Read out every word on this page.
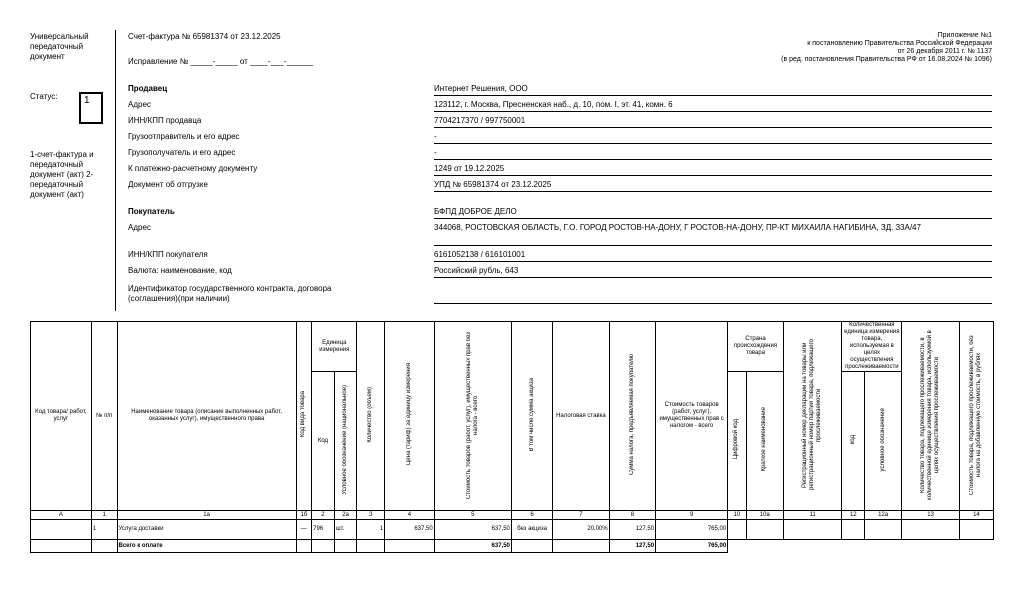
Универсальный передаточный документ
Статус:	1
1-счет-фактура и передаточный документ (акт) 2-передаточный документ (акт)
Счет-фактура № 65981374 от 23.12.2025
Исправление № _____-_____ от ____-___-______
Приложение №1
к постановлению Правительства Российской Федерации
от 26 декабря 2011 г. № 1137
(в ред. постановления Правительства РФ от 16.08.2024 № 1096)
Продавец	Интернет Решения, ООО
Адрес	123112, г. Москва, Пресненская наб., д. 10, пом. I, эт. 41, комн. 6
ИНН/КПП продавца	7704217370 / 997750001
Грузоотправитель и его адрес	-
Грузополучатель и его адрес	-
К платежно-расчетному документу	1249 от 19.12.2025
Документ об отгрузке	УПД № 65981374 от 23.12.2025
Покупатель	БФПД ДОБРОЕ ДЕЛО
Адрес	344068, РОСТОВСКАЯ ОБЛАСТЬ, Г.О. ГОРОД РОСТОВ-НА-ДОНУ, Г РОСТОВ-НА-ДОНУ, ПР-КТ МИХАИЛА НАГИБИНА, ЗД. 33А/47
ИНН/КПП покупателя	6161052138 / 616101001
Валюта: наименование, код	Российский рубль, 643
Идентификатор государственного контракта, договора (соглашения)(при наличии)
Код товара/ работ, услуг	№ п/п	Наименование товара (описание выполненных работ, оказанных услуг), имущественного права	Код вида товара	Единица измерения		Количество (объем)	Цена (тариф) за единицу измерения	Стоимость товаров (работ, услуг), имущественных прав без налога - всего	В том числе сумма акциза	Налоговая ставка	Сумма налога, предъявляемая покупателю	Стоимость товаров (работ, услуг), имущественных прав с налогом - всего	Страна происхождения товара		Регистрационный номер декларации на товары или регистрационный номер партии товара, подлежащего прослеживаемости	Количественная единица измерения товара, используемая в целях осуществления прослеживаемости		Количество товара, подлежащего прослеживаемости, в количественной единице измерения товара, используемой в целях осуществления прослеживаемости	Стоимость товара, подлежащего прослеживаемости, без налога на добавленную стоимость, в рублях
				Код	Условное обозначение (национальное)								Цифровой код	Краткое наименование		код	условное обозначение		
А	1	1а	1б	2	2а	3	4	5	6	7	8	9	10	10а	11	12	12а	13	14
	1	Услуга доставки	—	796	шт.	1	637,50	637,50	без акциза	20.00%	127,50	765,00							
		Всего к оплате						637,50			127,50	765,00							
